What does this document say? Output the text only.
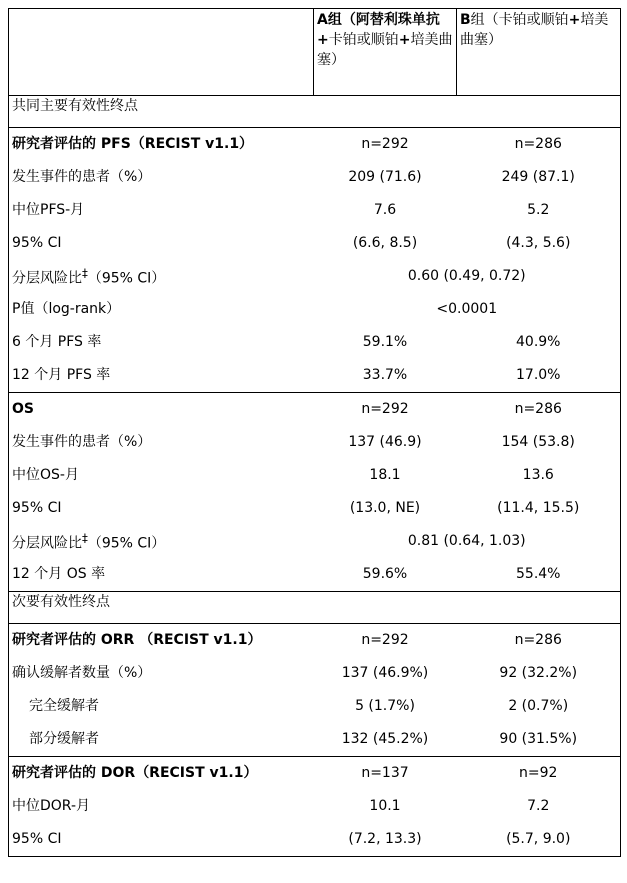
	A组（阿替利珠单抗+卡铂或顺铂+培美曲塞）	B组（卡铂或顺铂+培美曲塞）
共同主要有效性终点		
研究者评估的 PFS（RECIST v1.1）	n=292	n=286
发生事件的患者（%）	209 (71.6)	249 (87.1)
中位PFS-月	7.6	5.2
95% CI	(6.6, 8.5)	(4.3, 5.6)
分层风险比‡（95% CI）	0.60 (0.49, 0.72)	
P值（log-rank）	<0.0001	
6 个月 PFS 率	59.1%	40.9%
12 个月 PFS 率	33.7%	17.0%
OS	n=292	n=286
发生事件的患者（%）	137 (46.9)	154 (53.8)
中位OS-月	18.1	13.6
95% CI	(13.0, NE)	(11.4, 15.5)
分层风险比‡（95% CI）	0.81 (0.64, 1.03)	
12 个月 OS 率	59.6%	55.4%
次要有效性终点		
研究者评估的 ORR （RECIST v1.1）	n=292	n=286
确认缓解者数量（%）	137 (46.9%)	92 (32.2%)
完全缓解者	5 (1.7%)	2 (0.7%)
部分缓解者	132 (45.2%)	90 (31.5%)
研究者评估的 DOR（RECIST v1.1）	n=137	n=92
中位DOR-月	10.1	7.2
95% CI	(7.2, 13.3)	(5.7, 9.0)
